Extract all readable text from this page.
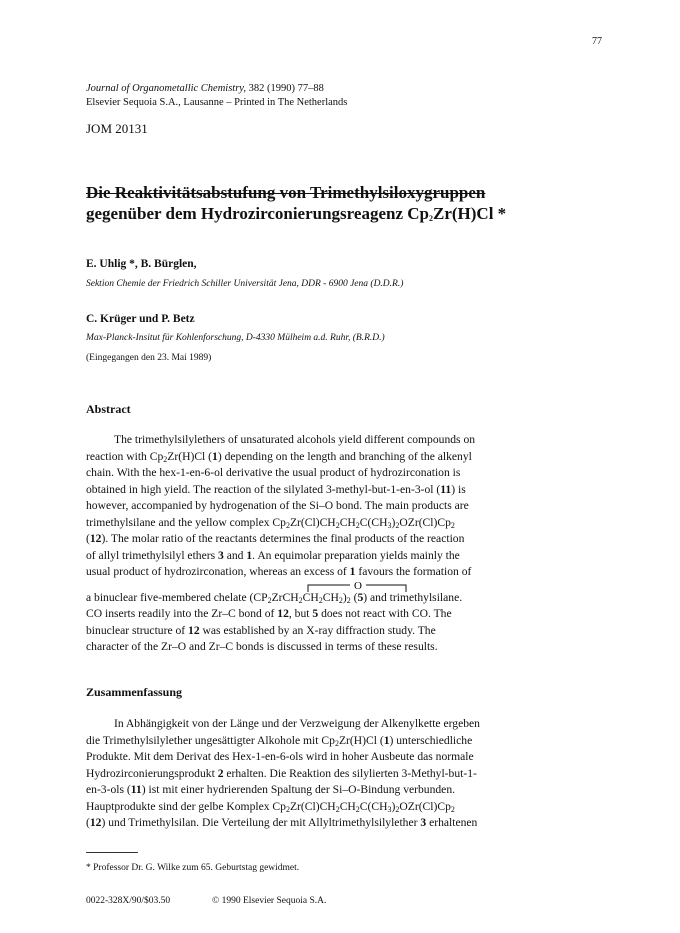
77
Journal of Organometallic Chemistry, 382 (1990) 77–88
Elsevier Sequoia S.A., Lausanne – Printed in The Netherlands
JOM 20131
Die Reaktivitätsabstufung von Trimethylsiloxygruppen
gegenüber dem Hydrozirconierungsreagenz $Cp_2Zr(H)Cl$ *
E. Uhlig *, B. Bürglen,
Sektion Chemie der Friedrich Schiller Universität Jena, DDR - 6900 Jena (D.D.R.)
C. Krüger und P. Betz
Max-Planck-Insitut für Kohlenforschung, D-4330 Mülheim a.d. Ruhr, (B.R.D.)
(Eingegangen den 23. Mai 1989)
Abstract
The trimethylsilylethers of unsaturated alcohols yield different compounds on
reaction with $Cp_2Zr(H)Cl$ (1) depending on the length and branching of the alkenyl
chain. With the hex-1-en-6-ol derivative the usual product of hydrozirconation is
obtained in high yield. The reaction of the silylated 3-methyl-but-1-en-3-ol (11) is
however, accompanied by hydrogenation of the Si–O bond. The main products are
trimethylsilane and the yellow complex $Cp_2Zr(Cl)CH_2CH_2C(CH_3)_2OZr(Cl)Cp_2$
(12). The molar ratio of the reactants determines the final products of the reaction
of allyl trimethylsilyl ethers 3 and 1. An equimolar preparation yields mainly the
usual product of hydrozirconation, whereas an excess of 1 favours the formation of
a binuclear five-membered chelate $(CP_2ZrCH_2CH_2CH_2)_2$ (5) and trimethylsilane.
CO inserts readily into the Zr–C bond of 12, but 5 does not react with CO. The
binuclear structure of 12 was established by an X-ray diffraction study. The
character of the Zr–O and Zr–C bonds is discussed in terms of these results.
O
Zusammenfassung
In Abhängigkeit von der Länge und der Verzweigung der Alkenylkette ergeben
die Trimethylsilylether ungesättigter Alkohole mit $Cp_2Zr(H)Cl$ (1) unterschiedliche
Produkte. Mit dem Derivat des Hex-1-en-6-ols wird in hoher Ausbeute das normale
Hydrozirconierungsprodukt 2 erhalten. Die Reaktion des silylierten 3-Methyl-but-1-
en-3-ols (11) ist mit einer hydrierenden Spaltung der Si–O-Bindung verbunden.
Hauptprodukte sind der gelbe Komplex $Cp_2Zr(Cl)CH_2CH_2C(CH_3)_2OZr(Cl)Cp_2$
(12) und Trimethylsilan. Die Verteilung der mit Allyltrimethylsilylether 3 erhaltenen
* Professor Dr. G. Wilke zum 65. Geburtstag gewidmet.
0022-328X/90/$03.50	© 1990 Elsevier Sequoia S.A.
